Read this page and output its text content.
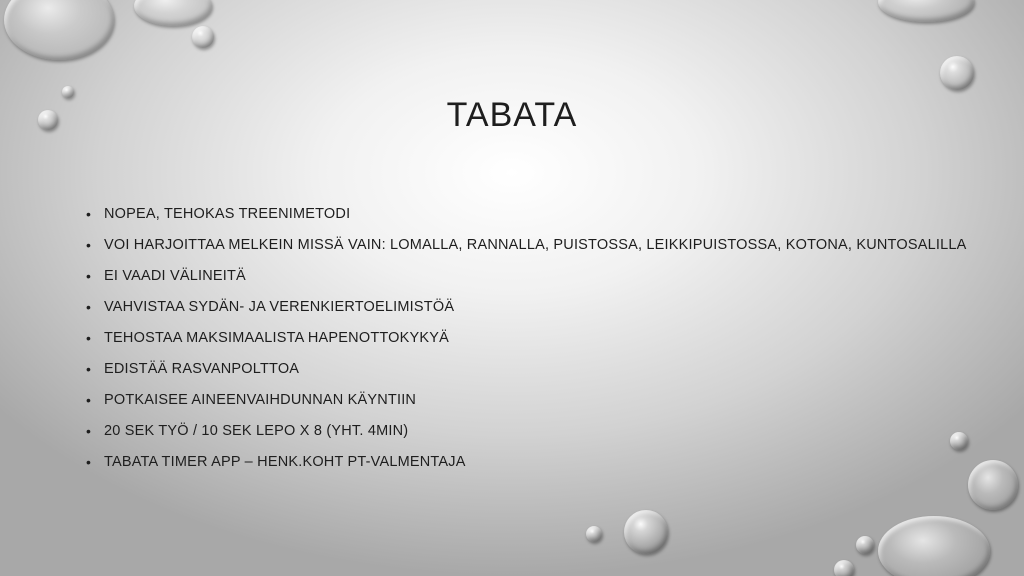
TABATA
• NOPEA, TEHOKAS TREENIMETODI
• VOI HARJOITTAA MELKEIN MISSÄ VAIN: LOMALLA, RANNALLA, PUISTOSSA, LEIKKIPUISTOSSA, KOTONA, KUNTOSALILLA
• EI VAADI VÄLINEITÄ
• VAHVISTAA SYDÄN- JA VERENKIERTOELIMISTÖÄ
• TEHOSTAA MAKSIMAALISTA HAPENOTTOKYKYÄ
• EDISTÄÄ RASVANPOLTTOA
• POTKAISEE AINEENVAIHDUNNAN KÄYNTIIN
• 20 SEK TYÖ / 10 SEK LEPO X 8 (YHT. 4MIN)
• TABATA TIMER APP – HENK.KOHT PT-VALMENTAJA
